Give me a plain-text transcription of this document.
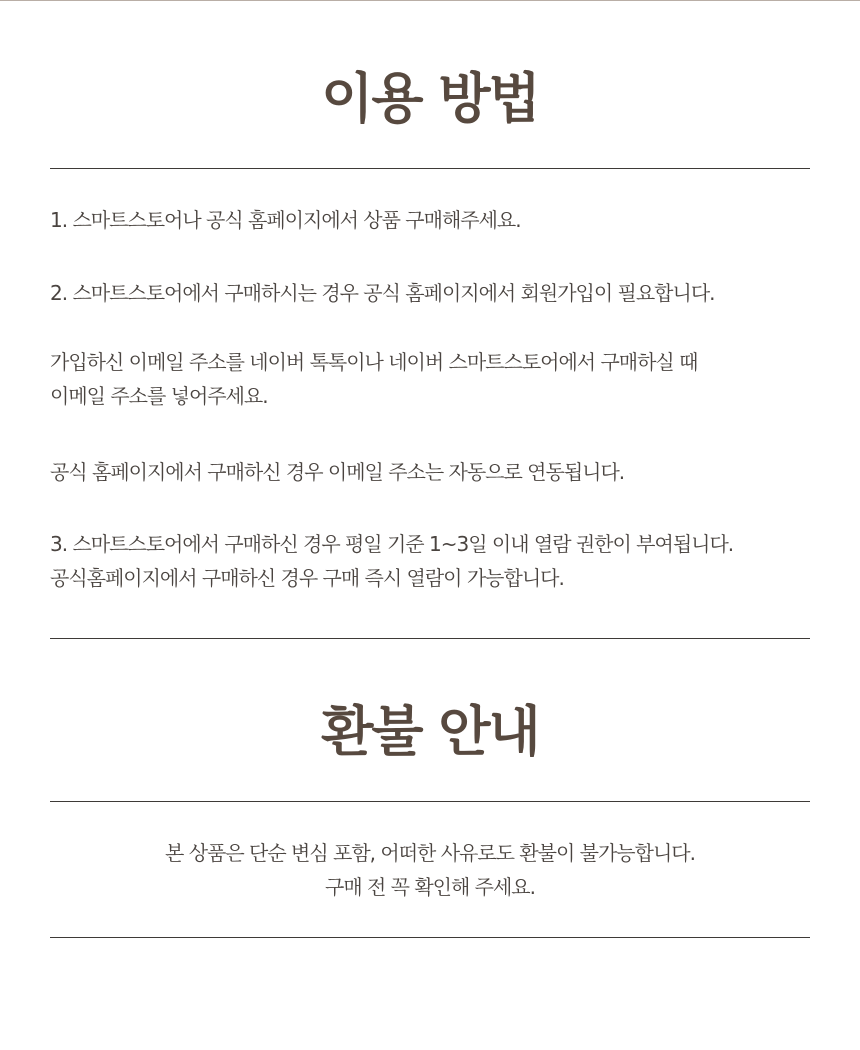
이용 방법

1. 스마트스토어나 공식 홈페이지에서 상품 구매해주세요.

2. 스마트스토어에서 구매하시는 경우 공식 홈페이지에서 회원가입이 필요합니다.

가입하신 이메일 주소를 네이버 톡톡이나 네이버 스마트스토어에서 구매하실 때
이메일 주소를 넣어주세요.

공식 홈페이지에서 구매하신 경우 이메일 주소는 자동으로 연동됩니다.

3. 스마트스토어에서 구매하신 경우 평일 기준 1~3일 이내 열람 권한이 부여됩니다.
공식홈페이지에서 구매하신 경우 구매 즉시 열람이 가능합니다.

환불 안내

본 상품은 단순 변심 포함, 어떠한 사유로도 환불이 불가능합니다.
구매 전 꼭 확인해 주세요.
